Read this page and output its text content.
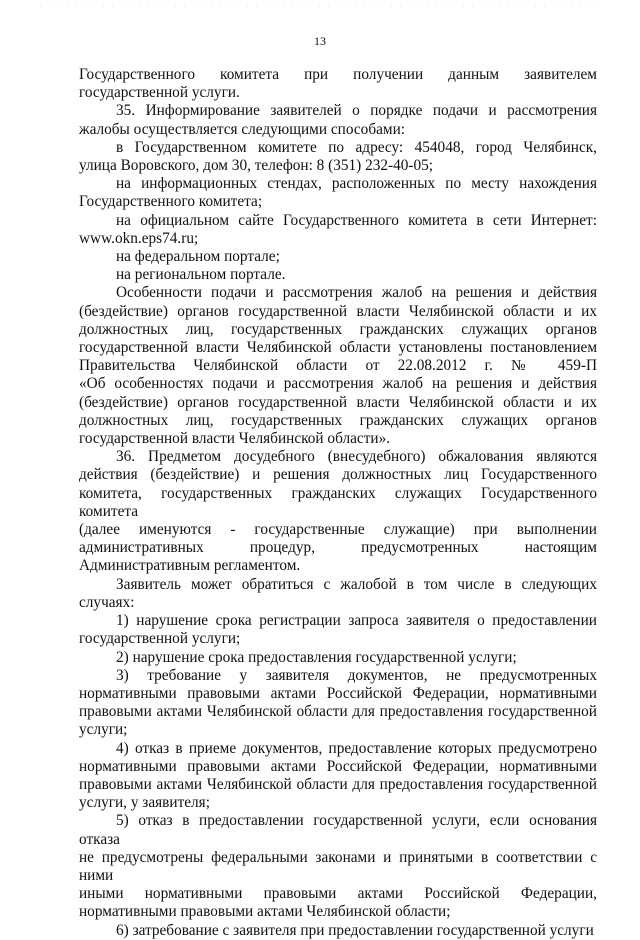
13

Государственного комитета при получении данным заявителем

государственной услуги.

35. Информирование заявителей о порядке подачи и рассмотрения

жалобы осуществляется следующими способами:

в Государственном комитете по адресу: 454048, город Челябинск,

улица Воровского, дом 30, телефон: 8 (351) 232-40-05;

на информационных стендах, расположенных по месту нахождения

Государственного комитета;

на официальном сайте Государственного комитета в сети Интернет:

www.okn.eps74.ru;

на федеральном портале;

на региональном портале.

Особенности подачи и рассмотрения жалоб на решения и действия

(бездействие) органов государственной власти Челябинской области и их

должностных лиц, государственных гражданских служащих органов

государственной власти Челябинской области установлены постановлением

Правительства Челябинской области от 22.08.2012 г. № 459-П

«Об особенностях подачи и рассмотрения жалоб на решения и действия

(бездействие) органов государственной власти Челябинской области и их

должностных лиц, государственных гражданских служащих органов

государственной власти Челябинской области».

36. Предметом досудебного (внесудебного) обжалования являются

действия (бездействие) и решения должностных лиц Государственного

комитета, государственных гражданских служащих Государственного комитета

(далее именуются - государственные служащие) при выполнении

административных процедур, предусмотренных настоящим

Административным регламентом.

Заявитель может обратиться с жалобой в том числе в следующих случаях:

1) нарушение срока регистрации запроса заявителя о предоставлении

государственной услуги;

2) нарушение срока предоставления государственной услуги;

3) требование у заявителя документов, не предусмотренных

нормативными правовыми актами Российской Федерации, нормативными

правовыми актами Челябинской области для предоставления государственной

услуги;

4) отказ в приеме документов, предоставление которых предусмотрено

нормативными правовыми актами Российской Федерации, нормативными

правовыми актами Челябинской области для предоставления государственной

услуги, у заявителя;

5) отказ в предоставлении государственной услуги, если основания отказа

не предусмотрены федеральными законами и принятыми в соответствии с ними

иными нормативными правовыми актами Российской Федерации,

нормативными правовыми актами Челябинской области;

6) затребование с заявителя при предоставлении государственной услуги
